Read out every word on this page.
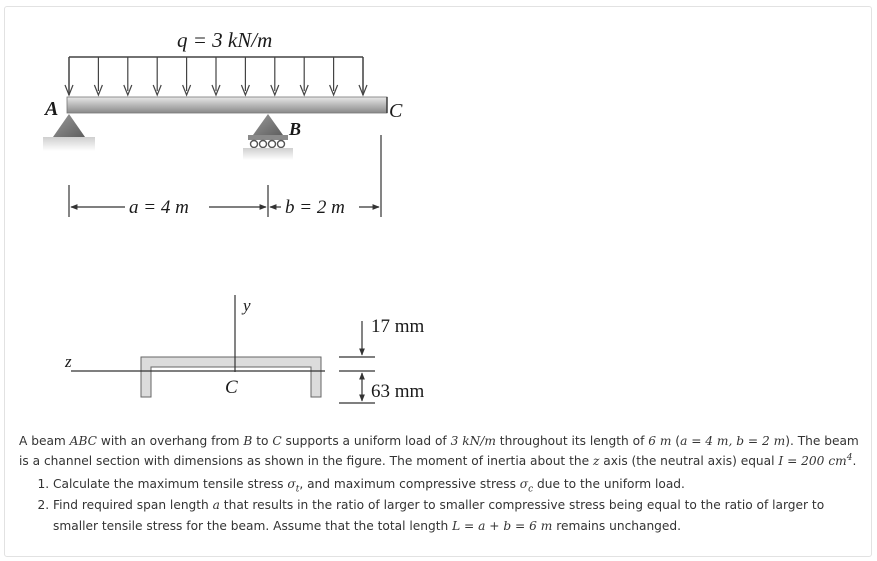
q = 3 kN/m
A	C
B
a = 4 m	b = 2 m
y
z
C
17 mm
63 mm

A beam ABC with an overhang from B to C supports a uniform load of 3 kN/m throughout its length of 6 m (a = 4 m, b = 2 m). The beam is a channel section with dimensions as shown in the figure. The moment of inertia about the z axis (the neutral axis) equal I = 200 $cm^4$.

1. Calculate the maximum tensile stress $\sigma_t$, and maximum compressive stress $\sigma_c$ due to the uniform load.
2. Find required span length a that results in the ratio of larger to smaller compressive stress being equal to the ratio of larger to smaller tensile stress for the beam. Assume that the total length L = a + b = 6 m remains unchanged.
